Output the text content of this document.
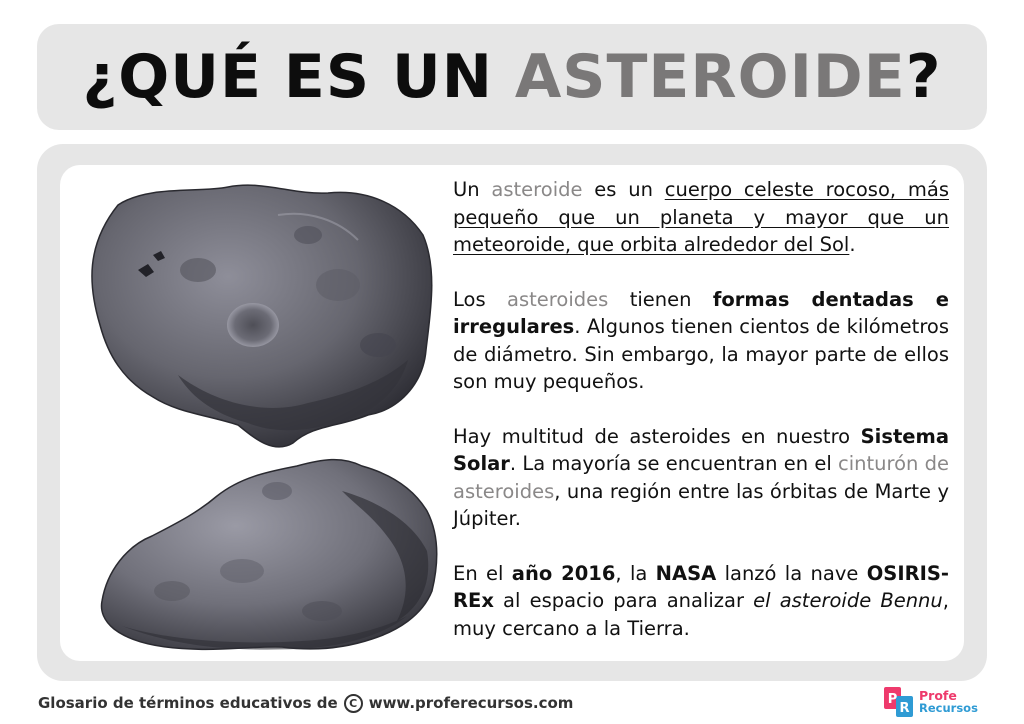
¿QUÉ ES UN ASTEROIDE?

Un asteroide es un cuerpo celeste rocoso, más pequeño que un planeta y mayor que un meteoroide, que orbita alrededor del Sol.

Los asteroides tienen formas dentadas e irregulares. Algunos tienen cientos de kilómetros de diámetro. Sin embargo, la mayor parte de ellos son muy pequeños.

Hay multitud de asteroides en nuestro Sistema Solar. La mayoría se encuentran en el cinturón de asteroides, una región entre las órbitas de Marte y Júpiter.

En el año 2016, la NASA lanzó la nave OSIRIS-REx al espacio para analizar el asteroide Bennu, muy cercano a la Tierra.

Glosario de términos educativos de	C www.proferecursos.com	P
R
Profe
Recursos
